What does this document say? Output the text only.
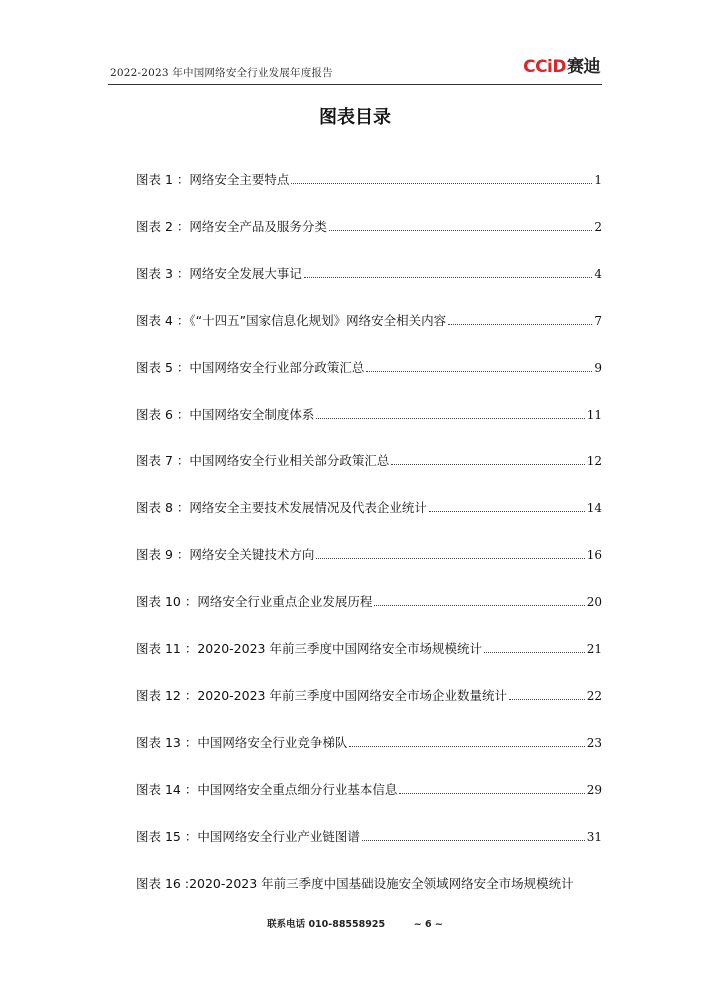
2022-2023 年中国网络安全行业发展年度报告	CCiD赛迪
图表目录
图表 1 ：网络安全主要特点	1
图表 2 ：网络安全产品及服务分类	2
图表 3 ：网络安全发展大事记	4
图表 4 ：《“十四五”国家信息化规划》网络安全相关内容	7
图表 5 ：中国网络安全行业部分政策汇总	9
图表 6 ：中国网络安全制度体系	11
图表 7 ：中国网络安全行业相关部分政策汇总	12
图表 8 ：网络安全主要技术发展情况及代表企业统计	14
图表 9 ：网络安全关键技术方向	16
图表 10 ：网络安全行业重点企业发展历程	20
图表 11 ：2020-2023 年前三季度中国网络安全市场规模统计	21
图表 12 ：2020-2023 年前三季度中国网络安全市场企业数量统计	22
图表 13 ：中国网络安全行业竞争梯队	23
图表 14 ：中国网络安全重点细分行业基本信息	29
图表 15 ：中国网络安全行业产业链图谱	31
图表 16 :2020-2023 年前三季度中国基础设施安全领域网络安全市场规模统计
联系电话 010-88558925	~ 6 ~
